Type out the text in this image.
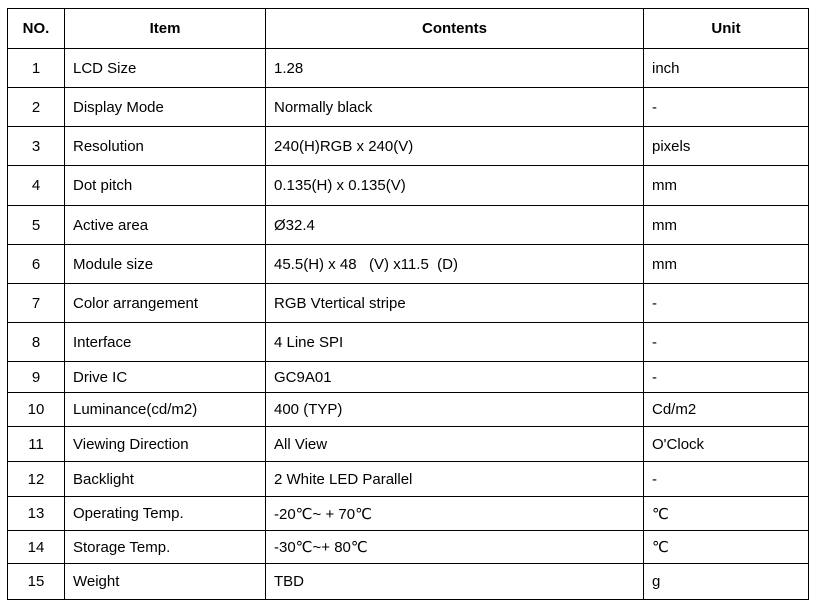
NO.	Item	Contents	Unit
1	LCD Size	1.28	inch
2	Display Mode	Normally black	-
3	Resolution	240(H)RGB x 240(V)	pixels
4	Dot pitch	0.135(H) x 0.135(V)	mm
5	Active area	Ø32.4	mm
6	Module size	45.5(H) x 48   (V) x11.5  (D)	mm
7	Color arrangement	RGB Vtertical stripe	-
8	Interface	4 Line SPI	-
9	Drive IC	GC9A01	-
10	Luminance(cd/m2)	400 (TYP)	Cd/m2
11	Viewing Direction	All View	O'Clock
12	Backlight	2 White LED Parallel	-
13	Operating Temp.	-20℃~ + 70℃	℃
14	Storage Temp.	-30℃~+ 80℃	℃
15	Weight	TBD	g
